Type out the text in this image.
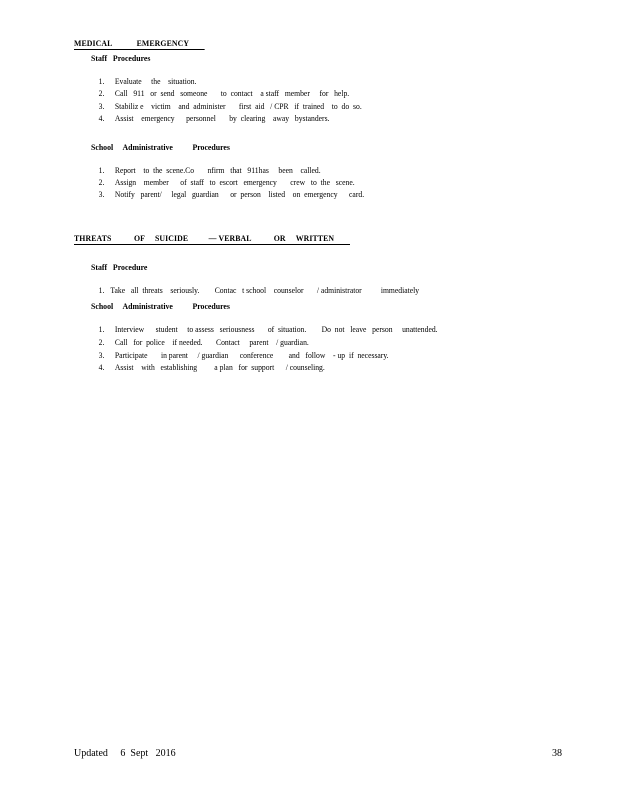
MEDICAL            EMERGENCY
Staff   Procedures

1. Evaluate     the    situation.

2. Call   911   or  send   someone       to  contact    a staff   member     for   help.

3. Stabiliz e    victim    and  administer       first  aid   / CPR   if  trained    to  do  so.

4. Assist    emergency      personnel       by  clearing    away   bystanders.

School     Administrative          Procedures

1. Report    to  the  scene.Co       nfirm   that   911has     been    called.

2. Assign    member      of  staff   to  escort   emergency       crew   to  the   scene.

3. Notify   parent/     legal   guardian      or  person    listed    on  emergency      card.

THREATS           OF     SUICIDE          — VERBAL           OR     WRITTEN
Staff   Procedure

1. Take   all  threats    seriously.        Contac   t school    counselor       / administrator          immediately

School     Administrative          Procedures

1. Interview      student     to assess   seriousness       of  situation.        Do  not   leave   person     unattended.

2. Call   for  police    if needed.       Contact     parent    / guardian.

3. Participate       in parent     / guardian      conference        and   follow    - up  if  necessary.

4. Assist    with   establishing         a plan   for  support      / counseling.

Updated     6  Sept   2016	38
